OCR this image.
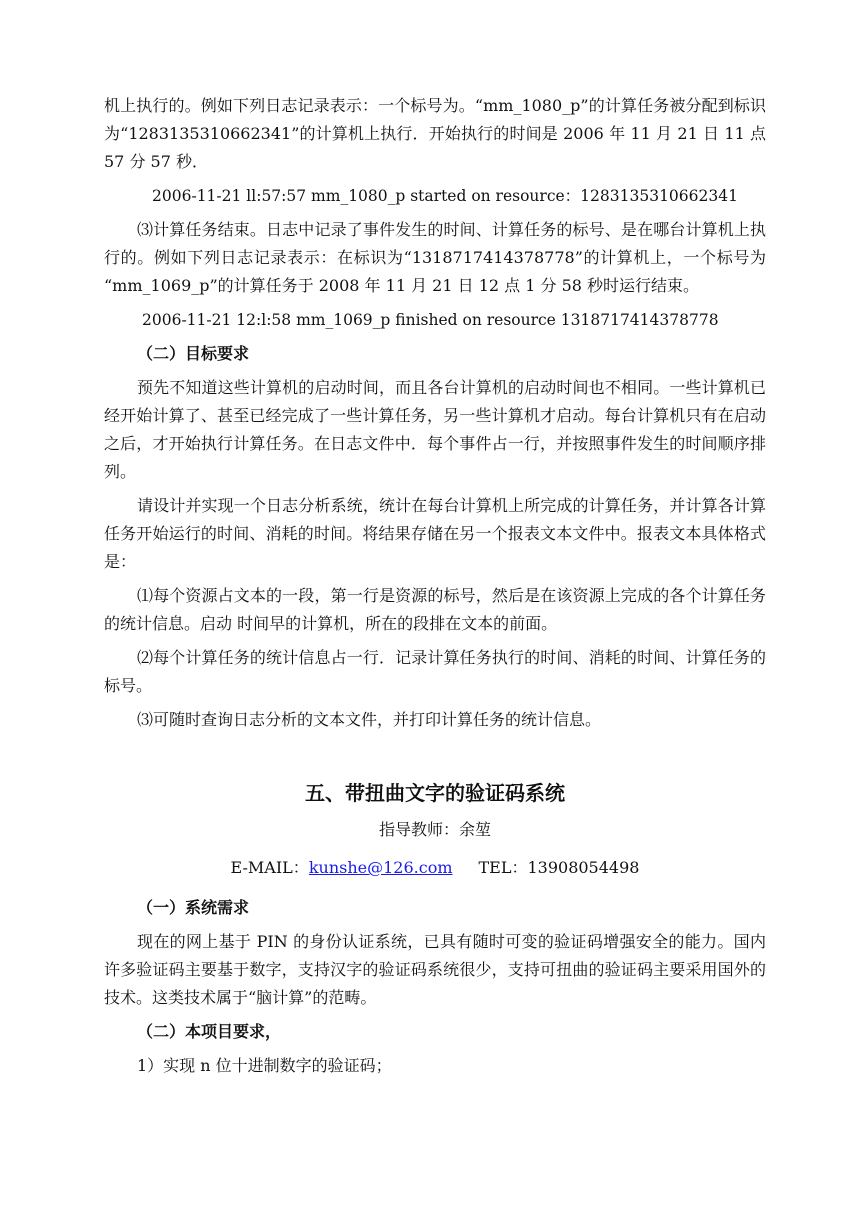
机上执行的。例如下列日志记录表示：一个标号为。“mm_1080_p”的计算任务被分配到标识为“1283135310662341”的计算机上执行．开始执行的时间是 2006 年 11 月 21 日 11 点 57 分 57 秒．

2006-11-21 ll:57:57 mm_1080_p started on resource：1283135310662341

⑶计算任务结束。日志中记录了事件发生的时间、计算任务的标号、是在哪台计算机上执行的。例如下列日志记录表示：在标识为“1318717414378778”的计算机上，一个标号为 “mm_1069_p”的计算任务于 2008 年 11 月 21 日 12 点 1 分 58 秒时运行结束。

2006-11-21 12:l:58 mm_1069_p finished on resource 1318717414378778

（二）目标要求

预先不知道这些计算机的启动时间，而且各台计算机的启动时间也不相同。一些计算机已经开始计算了、甚至已经完成了一些计算任务，另一些计算机才启动。每台计算机只有在启动之后，才开始执行计算任务。在日志文件中．每个事件占一行，并按照事件发生的时间顺序排列。

请设计并实现一个日志分析系统，统计在每台计算机上所完成的计算任务，并计算各计算任务开始运行的时间、消耗的时间。将结果存储在另一个报表文本文件中。报表文本具体格式是：

⑴每个资源占文本的一段，第一行是资源的标号，然后是在该资源上完成的各个计算任务的统计信息。启动 时间早的计算机，所在的段排在文本的前面。

⑵每个计算任务的统计信息占一行．记录计算任务执行的时间、消耗的时间、计算任务的标号。

⑶可随时查询日志分析的文本文件，并打印计算任务的统计信息。

五、带扭曲文字的验证码系统
指导教师：余堃
E-MAIL：kunshe@126.com TEL：13908054498
（一）系统需求

现在的网上基于 PIN 的身份认证系统，已具有随时可变的验证码增强安全的能力。国内许多验证码主要基于数字，支持汉字的验证码系统很少，支持可扭曲的验证码主要采用国外的技术。这类技术属于“脑计算”的范畴。

（二）本项目要求，

1）实现 n 位十进制数字的验证码；
